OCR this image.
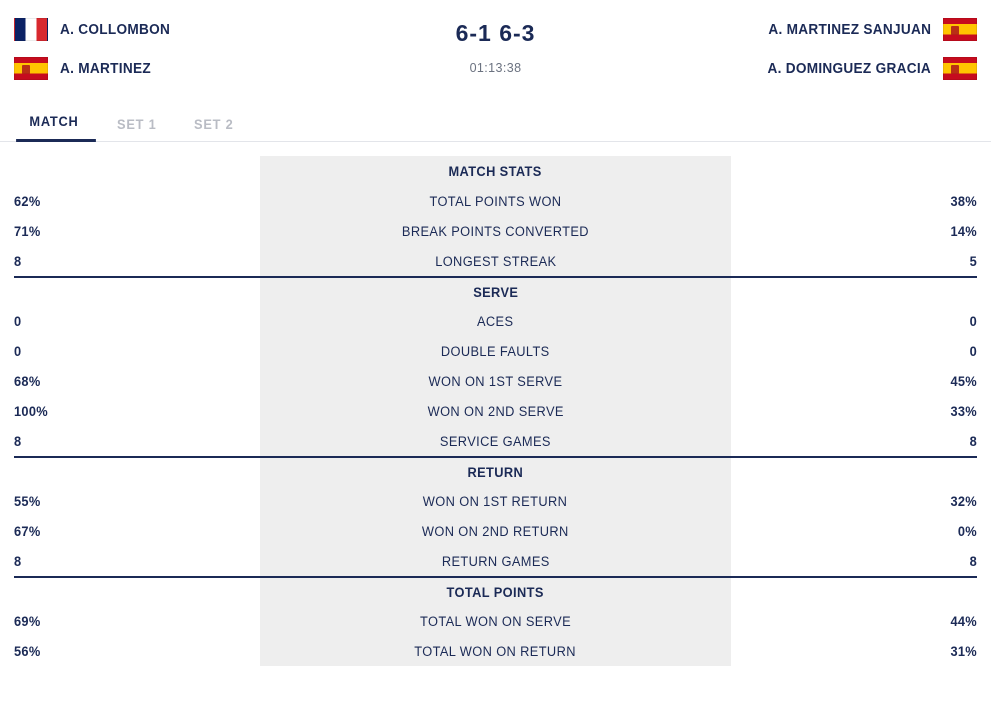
A. COLLOMBON
A. MARTINEZ
6-1 6-3
01:13:38
A. MARTINEZ SANJUAN
A. DOMINGUEZ GRACIA
MATCH	SET 1	SET 2
MATCH STATS
62%	TOTAL POINTS WON	38%
71%	BREAK POINTS CONVERTED	14%
8	LONGEST STREAK	5
SERVE
0	ACES	0
0	DOUBLE FAULTS	0
68%	WON ON 1ST SERVE	45%
100%	WON ON 2ND SERVE	33%
8	SERVICE GAMES	8
RETURN
55%	WON ON 1ST RETURN	32%
67%	WON ON 2ND RETURN	0%
8	RETURN GAMES	8
TOTAL POINTS
69%	TOTAL WON ON SERVE	44%
56%	TOTAL WON ON RETURN	31%
